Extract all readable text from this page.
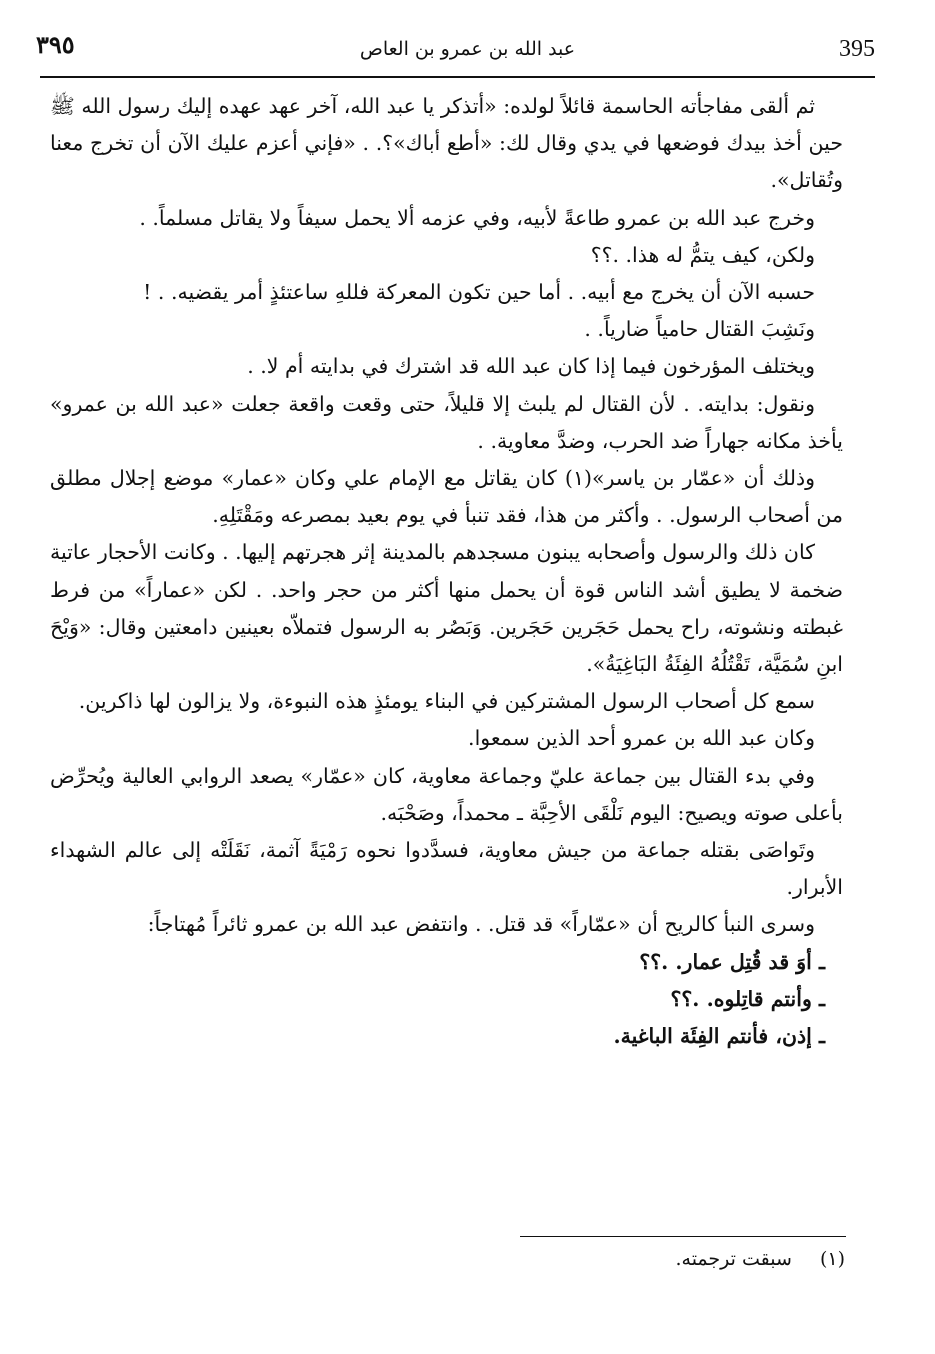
٣٩٥	عبد الله بن عمرو بن العاص	395

ثم ألقى مفاجأته الحاسمة قائلاً لولده: «أتذكر يا عبد الله، آخر عهد عهده إليك رسول الله ﷺ حين أخذ بيدك فوضعها في يدي وقال لك: «أطع أباك»؟. . «فإني أعزم عليك الآن أن تخرج معنا وتُقاتل».

وخرج عبد الله بن عمرو طاعةً لأبيه، وفي عزمه ألا يحمل سيفاً ولا يقاتل مسلماً. .

ولكن، كيف يتمُّ له هذا. .؟؟

حسبه الآن أن يخرج مع أبيه. . أما حين تكون المعركة فللهِ ساعتئذٍ أمر يقضيه. . !

ونَشِبَ القتال حامياً ضارياً. .

ويختلف المؤرخون فيما إذا كان عبد الله قد اشترك في بدايته أم لا. .

ونقول: بدايته. . لأن القتال لم يلبث إلا قليلاً، حتى وقعت واقعة جعلت «عبد الله بن عمرو» يأخذ مكانه جهاراً ضد الحرب، وضدَّ معاوية. .

وذلك أن «عمّار بن ياسر»(١) كان يقاتل مع الإمام علي وكان «عمار» موضع إجلال مطلق من أصحاب الرسول. . وأكثر من هذا، فقد تنبأ في يوم بعيد بمصرعه ومَقْتَلِهِ.

كان ذلك والرسول وأصحابه يبنون مسجدهم بالمدينة إثر هجرتهم إليها. . وكانت الأحجار عاتية ضخمة لا يطيق أشد الناس قوة أن يحمل منها أكثر من حجر واحد. . لكن «عماراً» من فرط غبطته ونشوته، راح يحمل حَجَرين حَجَرين. وَبَصُر به الرسول فتملاّه بعينين دامعتين وقال: «وَيْحَ ابنِ سُمَيَّة، تَقْتُلُهُ الفِئَةُ البَاغِيَةُ».

سمع كل أصحاب الرسول المشتركين في البناء يومئذٍ هذه النبوءة، ولا يزالون لها ذاكرين.

وكان عبد الله بن عمرو أحد الذين سمعوا.

وفي بدء القتال بين جماعة عليّ وجماعة معاوية، كان «عمّار» يصعد الروابي العالية ويُحرِّض بأعلى صوته ويصيح: اليوم نَلْقَى الأحِبَّة ـ محمداً، وصَحْبَه.

وتَواصَى بقتله جماعة من جيش معاوية، فسدَّدوا نحوه رَمْيَةً آثمة، نَقَلَتْه إلى عالم الشهداء الأبرار.

وسرى النبأ كالريح أن «عمّاراً» قد قتل. . وانتفض عبد الله بن عمرو ثائراً مُهتاجاً:

ـ أوَ قد قُتِل عمار. .؟؟

ـ وأنتم قاتِلوه. .؟؟

ـ إذن، فأنتم الفِئَة الباغية.

(١) سبقت ترجمته.
